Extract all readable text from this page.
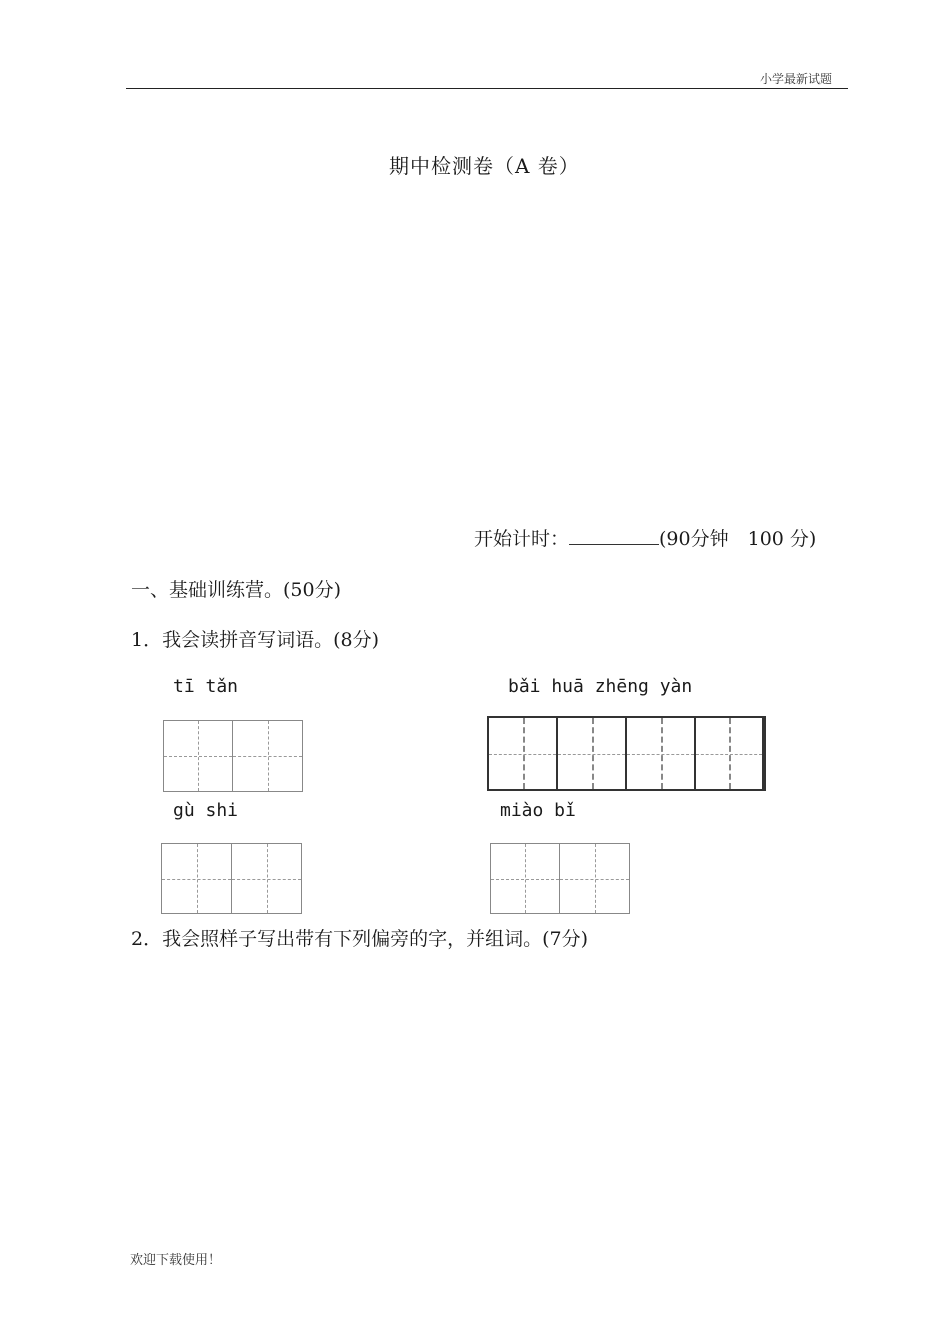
小学最新试题
期中检测卷（A 卷）
开始计时：	(90分钟　100 分)
一、基础训练营。(50分)
1．我会读拼音写词语。(8分)
tī tǎn	bǎi huā zhēng yàn
gù shi	miào bǐ
2．我会照样子写出带有下列偏旁的字，并组词。(7分)
欢迎下载使用！
